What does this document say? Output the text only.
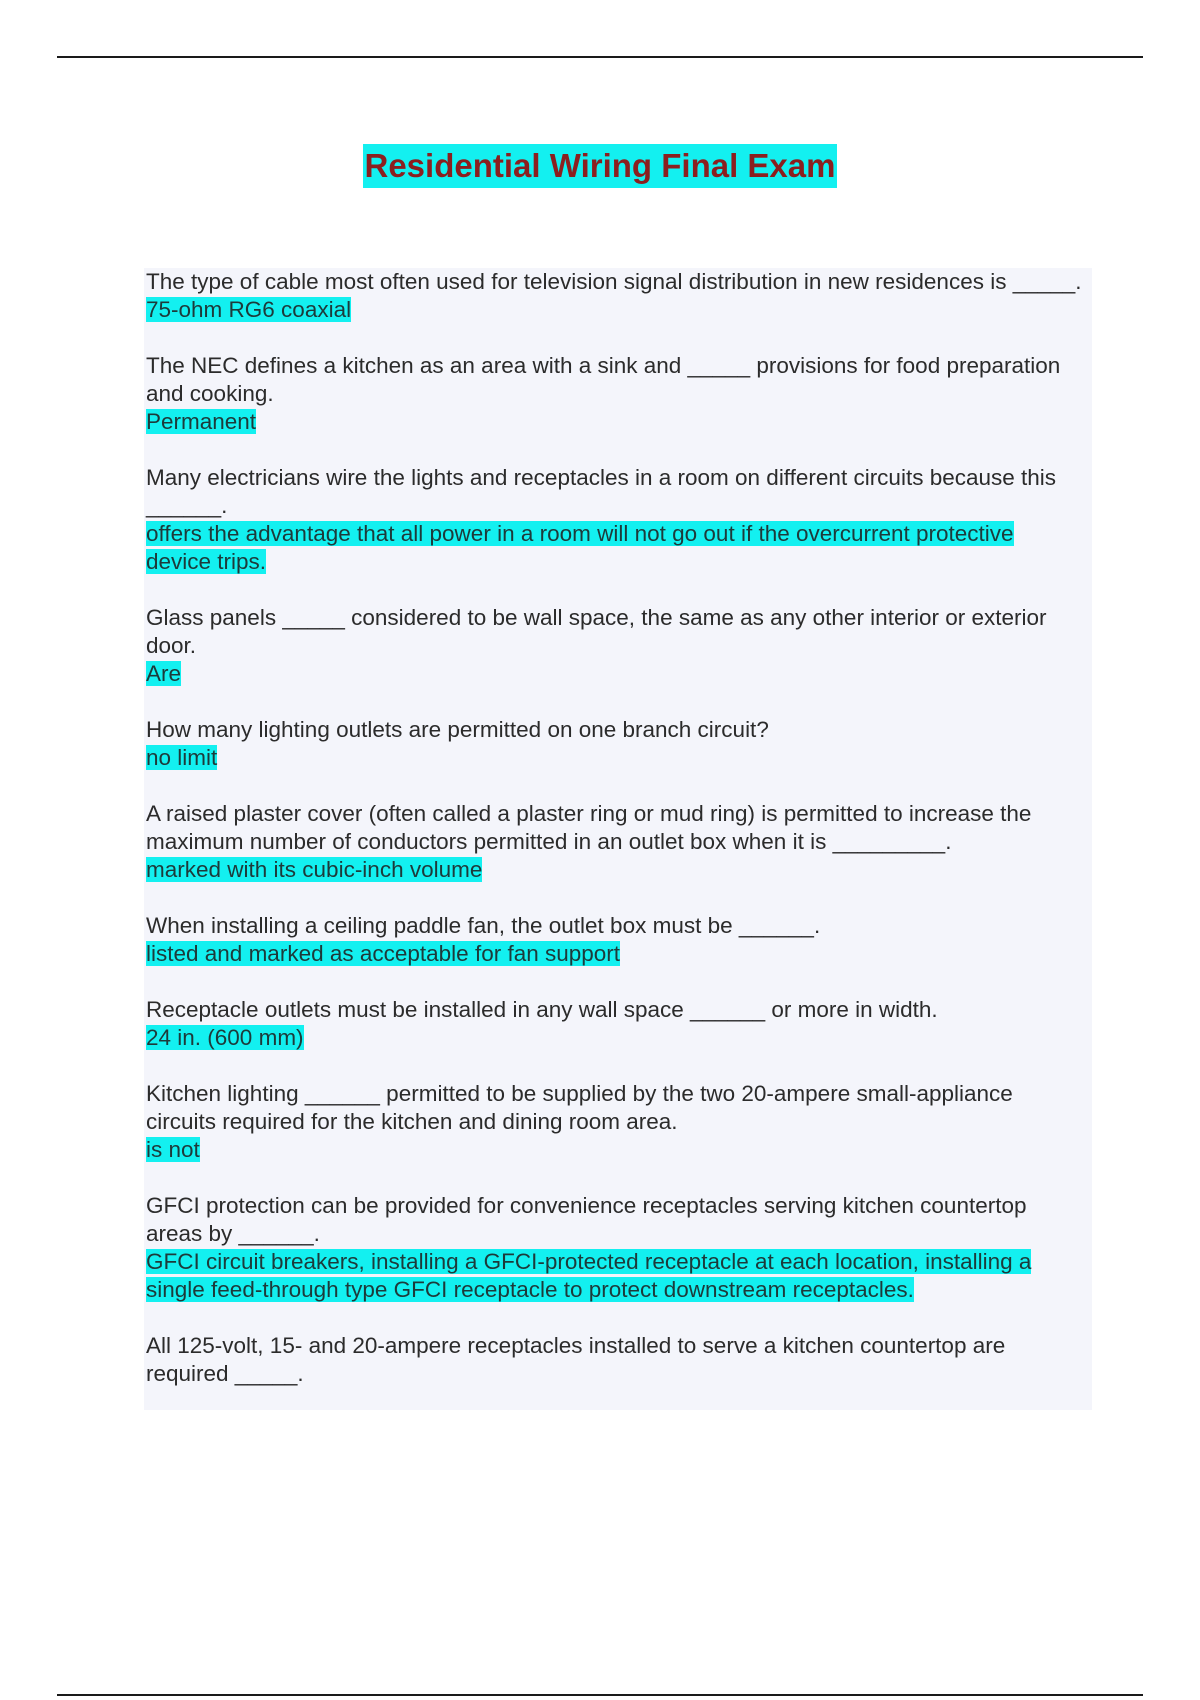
Residential Wiring Final Exam
The type of cable most often used for television signal distribution in new residences is _____.
75-ohm RG6 coaxial
The NEC defines a kitchen as an area with a sink and _____ provisions for food preparation and cooking.
Permanent
Many electricians wire the lights and receptacles in a room on different circuits because this ______.
offers the advantage that all power in a room will not go out if the overcurrent protective device trips.
Glass panels _____ considered to be wall space, the same as any other interior or exterior door.
Are
How many lighting outlets are permitted on one branch circuit?
no limit
A raised plaster cover (often called a plaster ring or mud ring) is permitted to increase the maximum number of conductors permitted in an outlet box when it is _________.
marked with its cubic-inch volume
When installing a ceiling paddle fan, the outlet box must be ______.
listed and marked as acceptable for fan support
Receptacle outlets must be installed in any wall space ______ or more in width.
24 in. (600 mm)
Kitchen lighting ______ permitted to be supplied by the two 20-ampere small-appliance circuits required for the kitchen and dining room area.
is not
GFCI protection can be provided for convenience receptacles serving kitchen countertop areas by ______.
GFCI circuit breakers, installing a GFCI-protected receptacle at each location, installing a single feed-through type GFCI receptacle to protect downstream receptacles.
All 125-volt, 15- and 20-ampere receptacles installed to serve a kitchen countertop are required _____.
